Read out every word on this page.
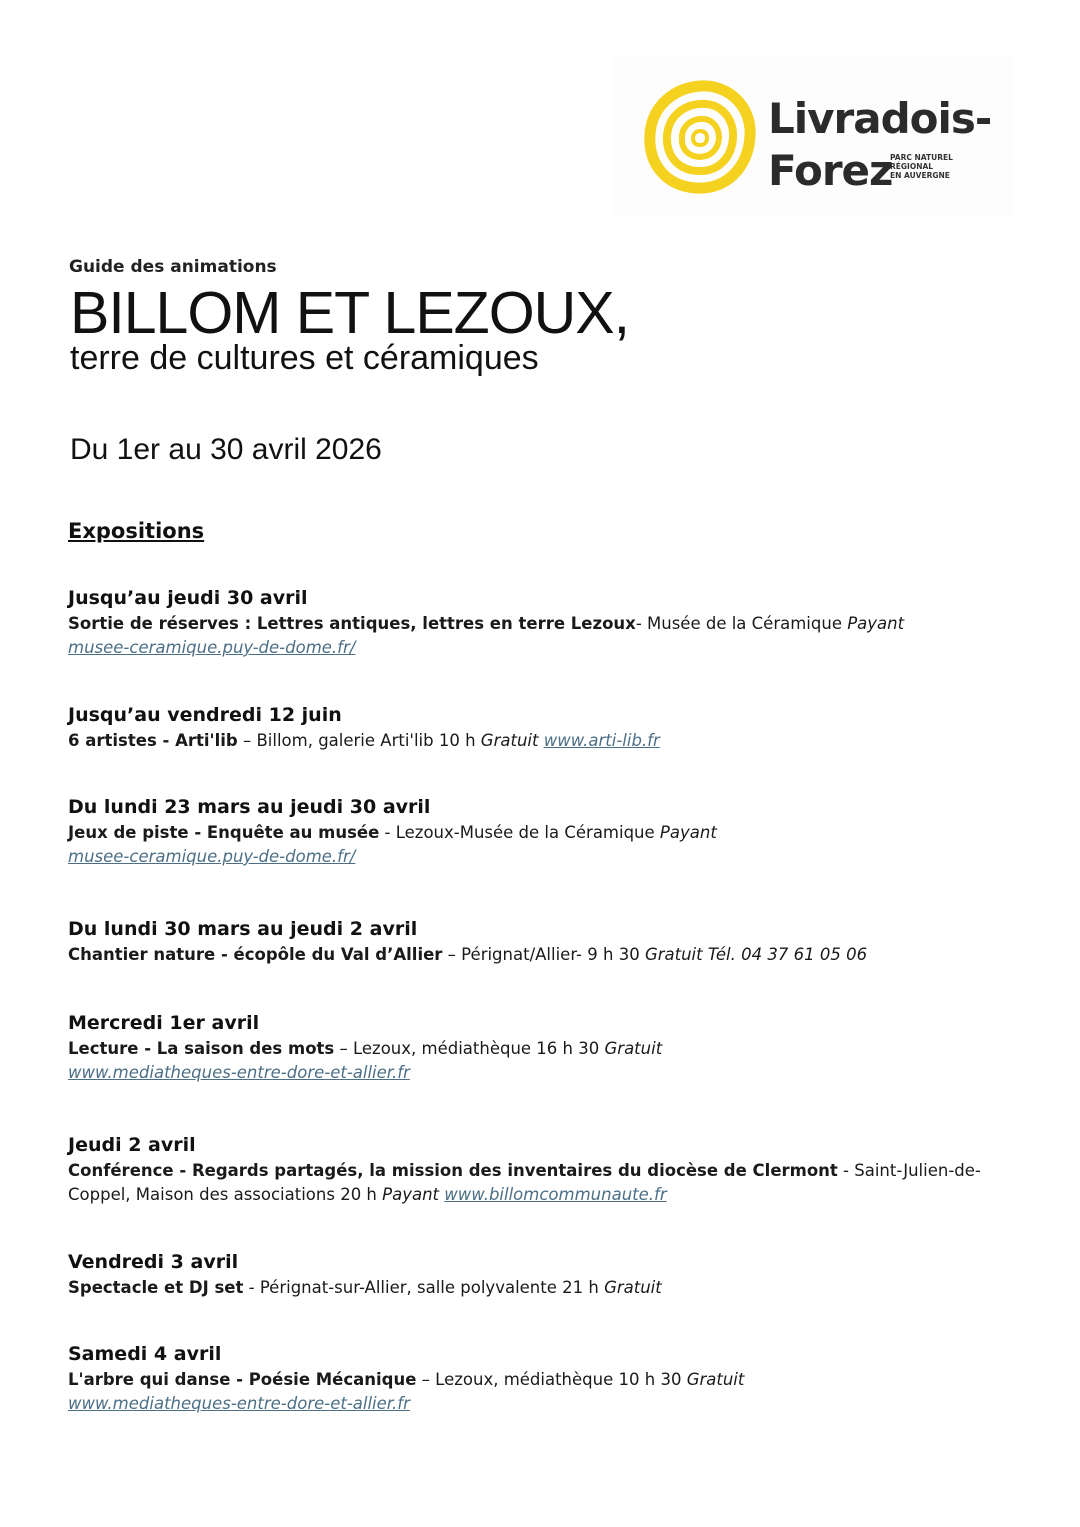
Livradois-
Forez
PARC NATUREL
RÉGIONAL
EN AUVERGNE
Guide des animations
BILLOM ET LEZOUX,
terre de cultures et céramiques
Du 1er au 30 avril 2026
Expositions

Jusqu’au jeudi 30 avril

Sortie de réserves : Lettres antiques, lettres en terre Lezoux- Musée de la Céramique Payant
musee-ceramique.puy-de-dome.fr/

Jusqu’au vendredi 12 juin

6 artistes - Arti'lib – Billom, galerie Arti'lib 10 h Gratuit www.arti-lib.fr

Du lundi 23 mars au jeudi 30 avril

Jeux de piste - Enquête au musée - Lezoux-Musée de la Céramique Payant
musee-ceramique.puy-de-dome.fr/

Du lundi 30 mars au jeudi 2 avril

Chantier nature - écopôle du Val d’Allier – Pérignat/Allier- 9 h 30 Gratuit Tél. 04 37 61 05 06

Mercredi 1er avril

Lecture - La saison des mots – Lezoux, médiathèque 16 h 30 Gratuit
www.mediatheques-entre-dore-et-allier.fr

Jeudi 2 avril

Conférence - Regards partagés, la mission des inventaires du diocèse de Clermont - Saint-Julien-de-Coppel, Maison des associations 20 h Payant www.billomcommunaute.fr

Vendredi 3 avril

Spectacle et DJ set - Pérignat-sur-Allier, salle polyvalente 21 h Gratuit

Samedi 4 avril

L'arbre qui danse - Poésie Mécanique – Lezoux, médiathèque 10 h 30 Gratuit
www.mediatheques-entre-dore-et-allier.fr
